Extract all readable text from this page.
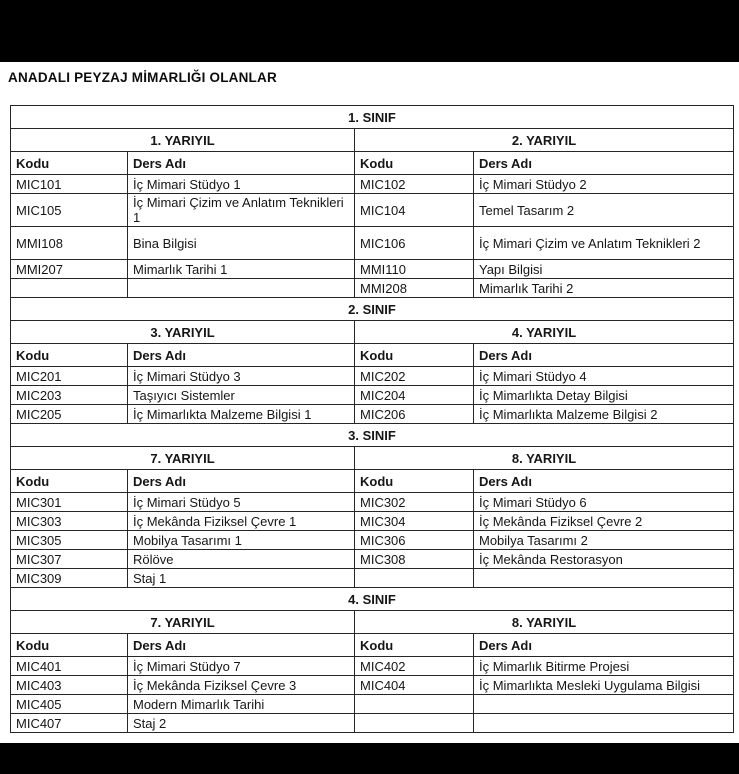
ANADALI PEYZAJ MİMARLIĞI OLANLAR
1. SINIF			
1. YARIYIL		2. YARIYIL	
Kodu	Ders Adı	Kodu	Ders Adı
MIC101	İç Mimari Stüdyo 1	MIC102	İç Mimari Stüdyo 2
MIC105	İç Mimari Çizim ve Anlatım Teknikleri 1	MIC104	Temel Tasarım 2
MMI108	Bina Bilgisi	MIC106	İç Mimari Çizim ve Anlatım Teknikleri 2
MMI207	Mimarlık Tarihi 1	MMI110	Yapı Bilgisi
		MMI208	Mimarlık Tarihi 2
2. SINIF			
3. YARIYIL		4. YARIYIL	
Kodu	Ders Adı	Kodu	Ders Adı
MIC201	İç Mimari Stüdyo 3	MIC202	İç Mimari Stüdyo 4
MIC203	Taşıyıcı Sistemler	MIC204	İç Mimarlıkta Detay Bilgisi
MIC205	İç Mimarlıkta Malzeme Bilgisi 1	MIC206	İç Mimarlıkta Malzeme Bilgisi 2
3. SINIF			
7. YARIYIL		8. YARIYIL	
Kodu	Ders Adı	Kodu	Ders Adı
MIC301	İç Mimari Stüdyo 5	MIC302	İç Mimari Stüdyo 6
MIC303	İç Mekânda Fiziksel Çevre 1	MIC304	İç Mekânda Fiziksel Çevre 2
MIC305	Mobilya Tasarımı 1	MIC306	Mobilya Tasarımı 2
MIC307	Rölöve	MIC308	İç Mekânda Restorasyon
MIC309	Staj 1		
4. SINIF			
7. YARIYIL		8. YARIYIL	
Kodu	Ders Adı	Kodu	Ders Adı
MIC401	İç Mimari Stüdyo 7	MIC402	İç Mimarlık Bitirme Projesi
MIC403	İç Mekânda Fiziksel Çevre 3	MIC404	İç Mimarlıkta Mesleki Uygulama Bilgisi
MIC405	Modern Mimarlık Tarihi		
MIC407	Staj 2		
